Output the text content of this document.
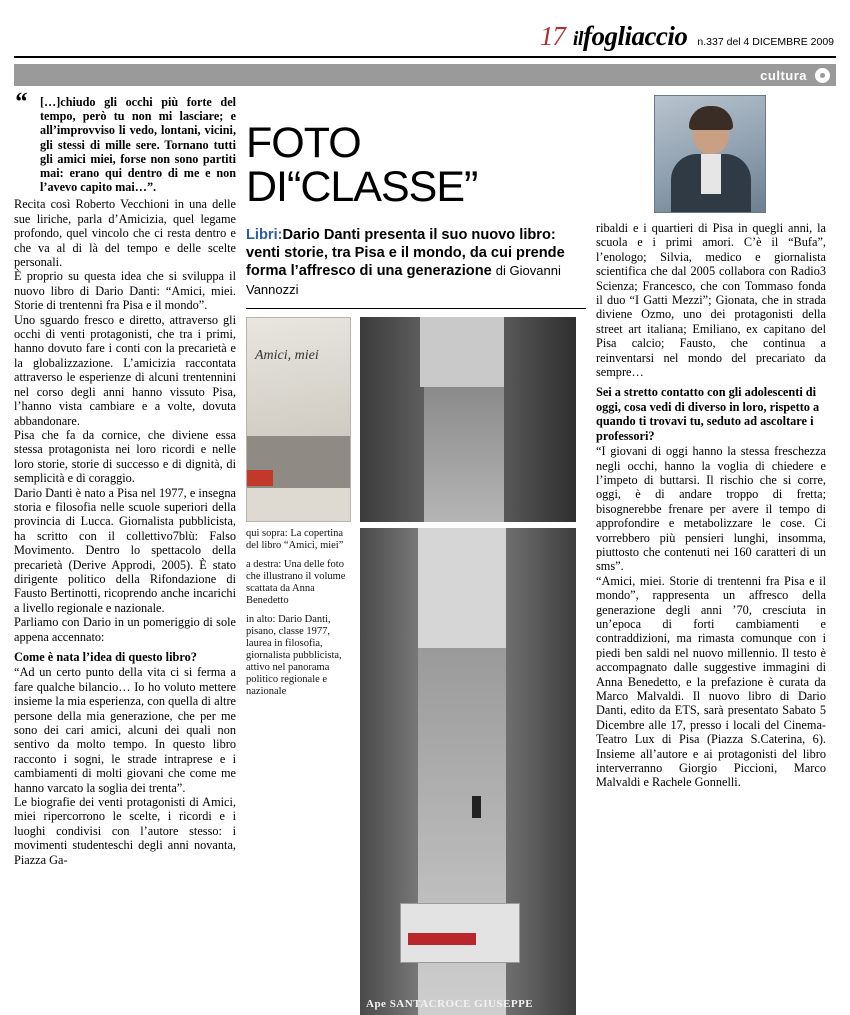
17 ilfogliaccio n.337 del 4 DICEMBRE 2009
cultura
“ […]chiudo gli occhi più forte del tempo, però tu non mi lasciare; e all’improvviso li vedo, lontani, vicini, gli stessi di mille sere. Tornano tutti gli amici miei, forse non sono partiti mai: erano qui dentro di me e non l’avevo capito mai…”.

Recita così Roberto Vecchioni in una delle sue liriche, parla d’Amicizia, quel legame profondo, quel vincolo che ci resta dentro e che va al di là del tempo e delle scelte personali.

È proprio su questa idea che si sviluppa il nuovo libro di Dario Danti: “Amici, miei. Storie di trentenni fra Pisa e il mondo”.

Uno sguardo fresco e diretto, attraverso gli occhi di venti protagonisti, che tra i primi, hanno dovuto fare i conti con la precarietà e la globalizzazione. L’amicizia raccontata attraverso le esperienze di alcuni trentennini nel corso degli anni hanno vissuto Pisa, l’hanno vista cambiare e a volte, dovuta abbandonare.

Pisa che fa da cornice, che diviene essa stessa protagonista nei loro ricordi e nelle loro storie, storie di successo e di dignità, di semplicità e di coraggio.

Dario Danti è nato a Pisa nel 1977, e insegna storia e filosofia nelle scuole superiori della provincia di Lucca. Giornalista pubblicista, ha scritto con il collettivo7blù: Falso Movimento. Dentro lo spettacolo della precarietà (Derive Approdi, 2005). È stato dirigente politico della Rifondazione di Fausto Bertinotti, ricoprendo anche incarichi a livello regionale e nazionale.

Parliamo con Dario in un pomeriggio di sole appena accennato:

Come è nata l’idea di questo libro?

“Ad un certo punto della vita ci si ferma a fare qualche bilancio… Io ho voluto mettere insieme la mia esperienza, con quella di altre persone della mia generazione, che per me sono dei cari amici, alcuni dei quali non sentivo da molto tempo. In questo libro racconto i sogni, le strade intraprese e i cambiamenti di molti giovani che come me hanno varcato la soglia dei trenta”.

Le biografie dei venti protagonisti di Amici, miei ripercorrono le scelte, i ricordi e i luoghi condivisi con l’autore stesso: i movimenti studenteschi degli anni novanta, Piazza Ga-

FOTO DI“CLASSE”
Libri:Dario Danti presenta il suo nuovo libro: venti storie, tra Pisa e il mondo, da cui prende forma l’affresco di una generazione di Giovanni Vannozzi
Amici, miei

qui sopra: La copertina del libro “Amici, miei”

a destra: Una delle foto che illustrano il volume scattata da Anna Benedetto

in alto: Dario Danti, pisano, classe 1977, laurea in filosofia, giornalista pubblicista, attivo nel panorama politico regionale e nazionale

Ape SANTACROCE GIUSEPPE

ribaldi e i quartieri di Pisa in quegli anni, la scuola e i primi amori. C’è il “Bufa”, l’enologo; Silvia, medico e giornalista scientifica che dal 2005 collabora con Radio3 Scienza; Francesco, che con Tommaso fonda il duo “I Gatti Mezzi”; Gionata, che in strada diviene Ozmo, uno dei protagonisti della street art italiana; Emiliano, ex capitano del Pisa calcio; Fausto, che continua a reinventarsi nel mondo del precariato da sempre…

Sei a stretto contatto con gli adolescenti di oggi, cosa vedi di diverso in loro, rispetto a quando ti trovavi tu, seduto ad ascoltare i professori?

“I giovani di oggi hanno la stessa freschezza negli occhi, hanno la voglia di chiedere e l’impeto di buttarsi. Il rischio che si corre, oggi, è di andare troppo di fretta; bisognerebbe frenare per avere il tempo di approfondire e metabolizzare le cose. Ci vorrebbero più pensieri lunghi, insomma, piuttosto che contenuti nei 160 caratteri di un sms”.

“Amici, miei. Storie di trentenni fra Pisa e il mondo”, rappresenta un affresco della generazione degli anni ’70, cresciuta in un’epoca di forti cambiamenti e contraddizioni, ma rimasta comunque con i piedi ben saldi nel nuovo millennio. Il testo è accompagnato dalle suggestive immagini di Anna Benedetto, e la prefazione è curata da Marco Malvaldi. Il nuovo libro di Dario Danti, edito da ETS, sarà presentato Sabato 5 Dicembre alle 17, presso i locali del Cinema-Teatro Lux di Pisa (Piazza S.Caterina, 6). Insieme all’autore e ai protagonisti del libro interverranno Giorgio Piccioni, Marco Malvaldi e Rachele Gonnelli.
